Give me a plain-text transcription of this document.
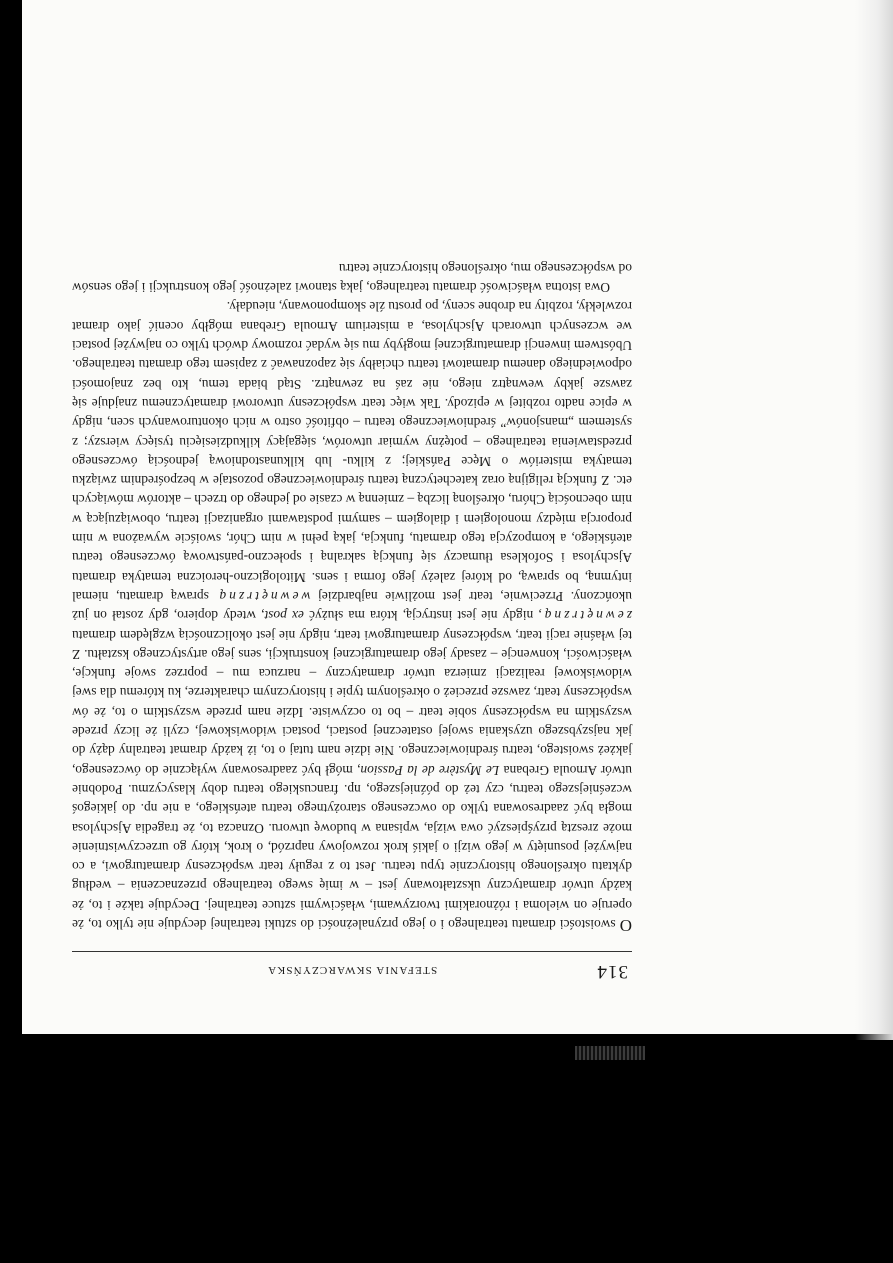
314
STEFANIA SKWARCZYŃSKA

O swoistości dramatu teatralnego i o jego przynależności do sztuki teatralnej decyduje nie tylko to, że operuje on wieloma i różnorakimi tworzywami, właściwymi sztuce teatralnej. Decyduje także i to, że każdy utwór dramatyczny ukształtowany jest – w imię swego teatralnego przeznaczenia – według dyktatu określonego historycznie typu teatru. Jest to z reguły teatr współczesny dramaturgowi, a co najwyżej posunięty w jego wizji o jakiś krok rozwojowy naprzód, o krok, który go urzeczywistnienie może zresztą przyśpieszyć owa wizja, wpisana w budowę utworu. Oznacza to, że tragedia Ajschylosa mogła być zaadresowana tylko do owczesnego starożytnego teatru ateńskiego, a nie np. do jakiegoś wcześniejszego teatru, czy też do późniejszego, np. francuskiego teatru doby klasycyzmu. Podobnie utwór Arnoula Grebana Le Mystère de la Passion, mógł być zaadresowany wyłącznie do ówczesnego, jakżeż swoistego, teatru średniowiecznego. Nie idzie nam tutaj o to, iż każdy dramat teatralny dąży do jak najszybszego uzyskania swojej ostatecznej postaci, postaci widowiskowej, czyli że liczy przede wszystkim na współczesny sobie teatr – bo to oczywiste. Idzie nam przede wszystkim o to, że ów współczesny teatr, zawsze przecież o określonym typie i historycznym charakterze, ku któremu dla swej widowiskowej realizacji zmierza utwór dramatyczny – narzuca mu – poprzez swoje funkcje, właściwości, konwencje – zasady jego dramaturgicznej konstrukcji, sens jego artystycznego kształtu. Z tej właśnie racji teatr, współczesny dramaturgowi teatr, nigdy nie jest okolicznością względem dramatu zewnętrzną, nigdy nie jest instrycją, która ma służyć ex post, wtedy dopiero, gdy został on już ukończony. Przeciwnie, teatr jest możliwie najbardziej wewnętrzną sprawą dramatu, niemal intymną, bo sprawą, od której zależy jego forma i sens. Mitologiczno-heroiczna tematyka dramatu Ajschylosa i Sofoklesa tłumaczy się funkcją sakralną i społeczno-państwową ówczesnego teatru ateńskiego, a kompozycja tego dramatu, funkcja, jaką pełni w nim Chór, swoiście wyważona w nim proporcja między monologiem i dialogiem – samymi podstawami organizacji teatru, obowiązującą w nim obecnością Chóru, określoną liczbą – zmienną w czasie od jednego do trzech – aktorów mówiących etc. Z funkcją religijną oraz katechetyczną teatru średniowiecznego pozostaje w bezpośrednim związku tematyka misteriów o Męce Pańskiej; z kilku- lub kilkunastodniową jednością ówczesnego przedstawienia teatralnego – potężny wymiar utworów, sięgający kilkudziesięciu tysięcy wierszy; z systemem „mansjonów” średniowiecznego teatru – obfitość ostro w nich okonturowanych scen, nigdy w epice nadto rozbitej w epizody. Tak więc teatr współczesny utworowi dramatycznemu znajduje się zawsze jakby wewnątrz niego, nie zaś na zewnątrz. Stąd biada temu, kto bez znajomości odpowiedniego danemu dramatowi teatru chciałby się zapoznawać z zapisem tego dramatu teatralnego. Ubóstwem inwencji dramaturgicznej mogłyby mu się wydać rozmowy dwóch tylko co najwyżej postaci we wczesnych utworach Ajschylosa, a misterium Arnoula Grebana mógłby ocenić jako dramat rozwlekły, rozbity na drobne sceny, po prostu źle skomponowany, nieudały.

Owa istotna właściwość dramatu teatralnego, jaką stanowi zależność jego konstrukcji i jego sensów od współczesnego mu, określonego historycznie teatru
